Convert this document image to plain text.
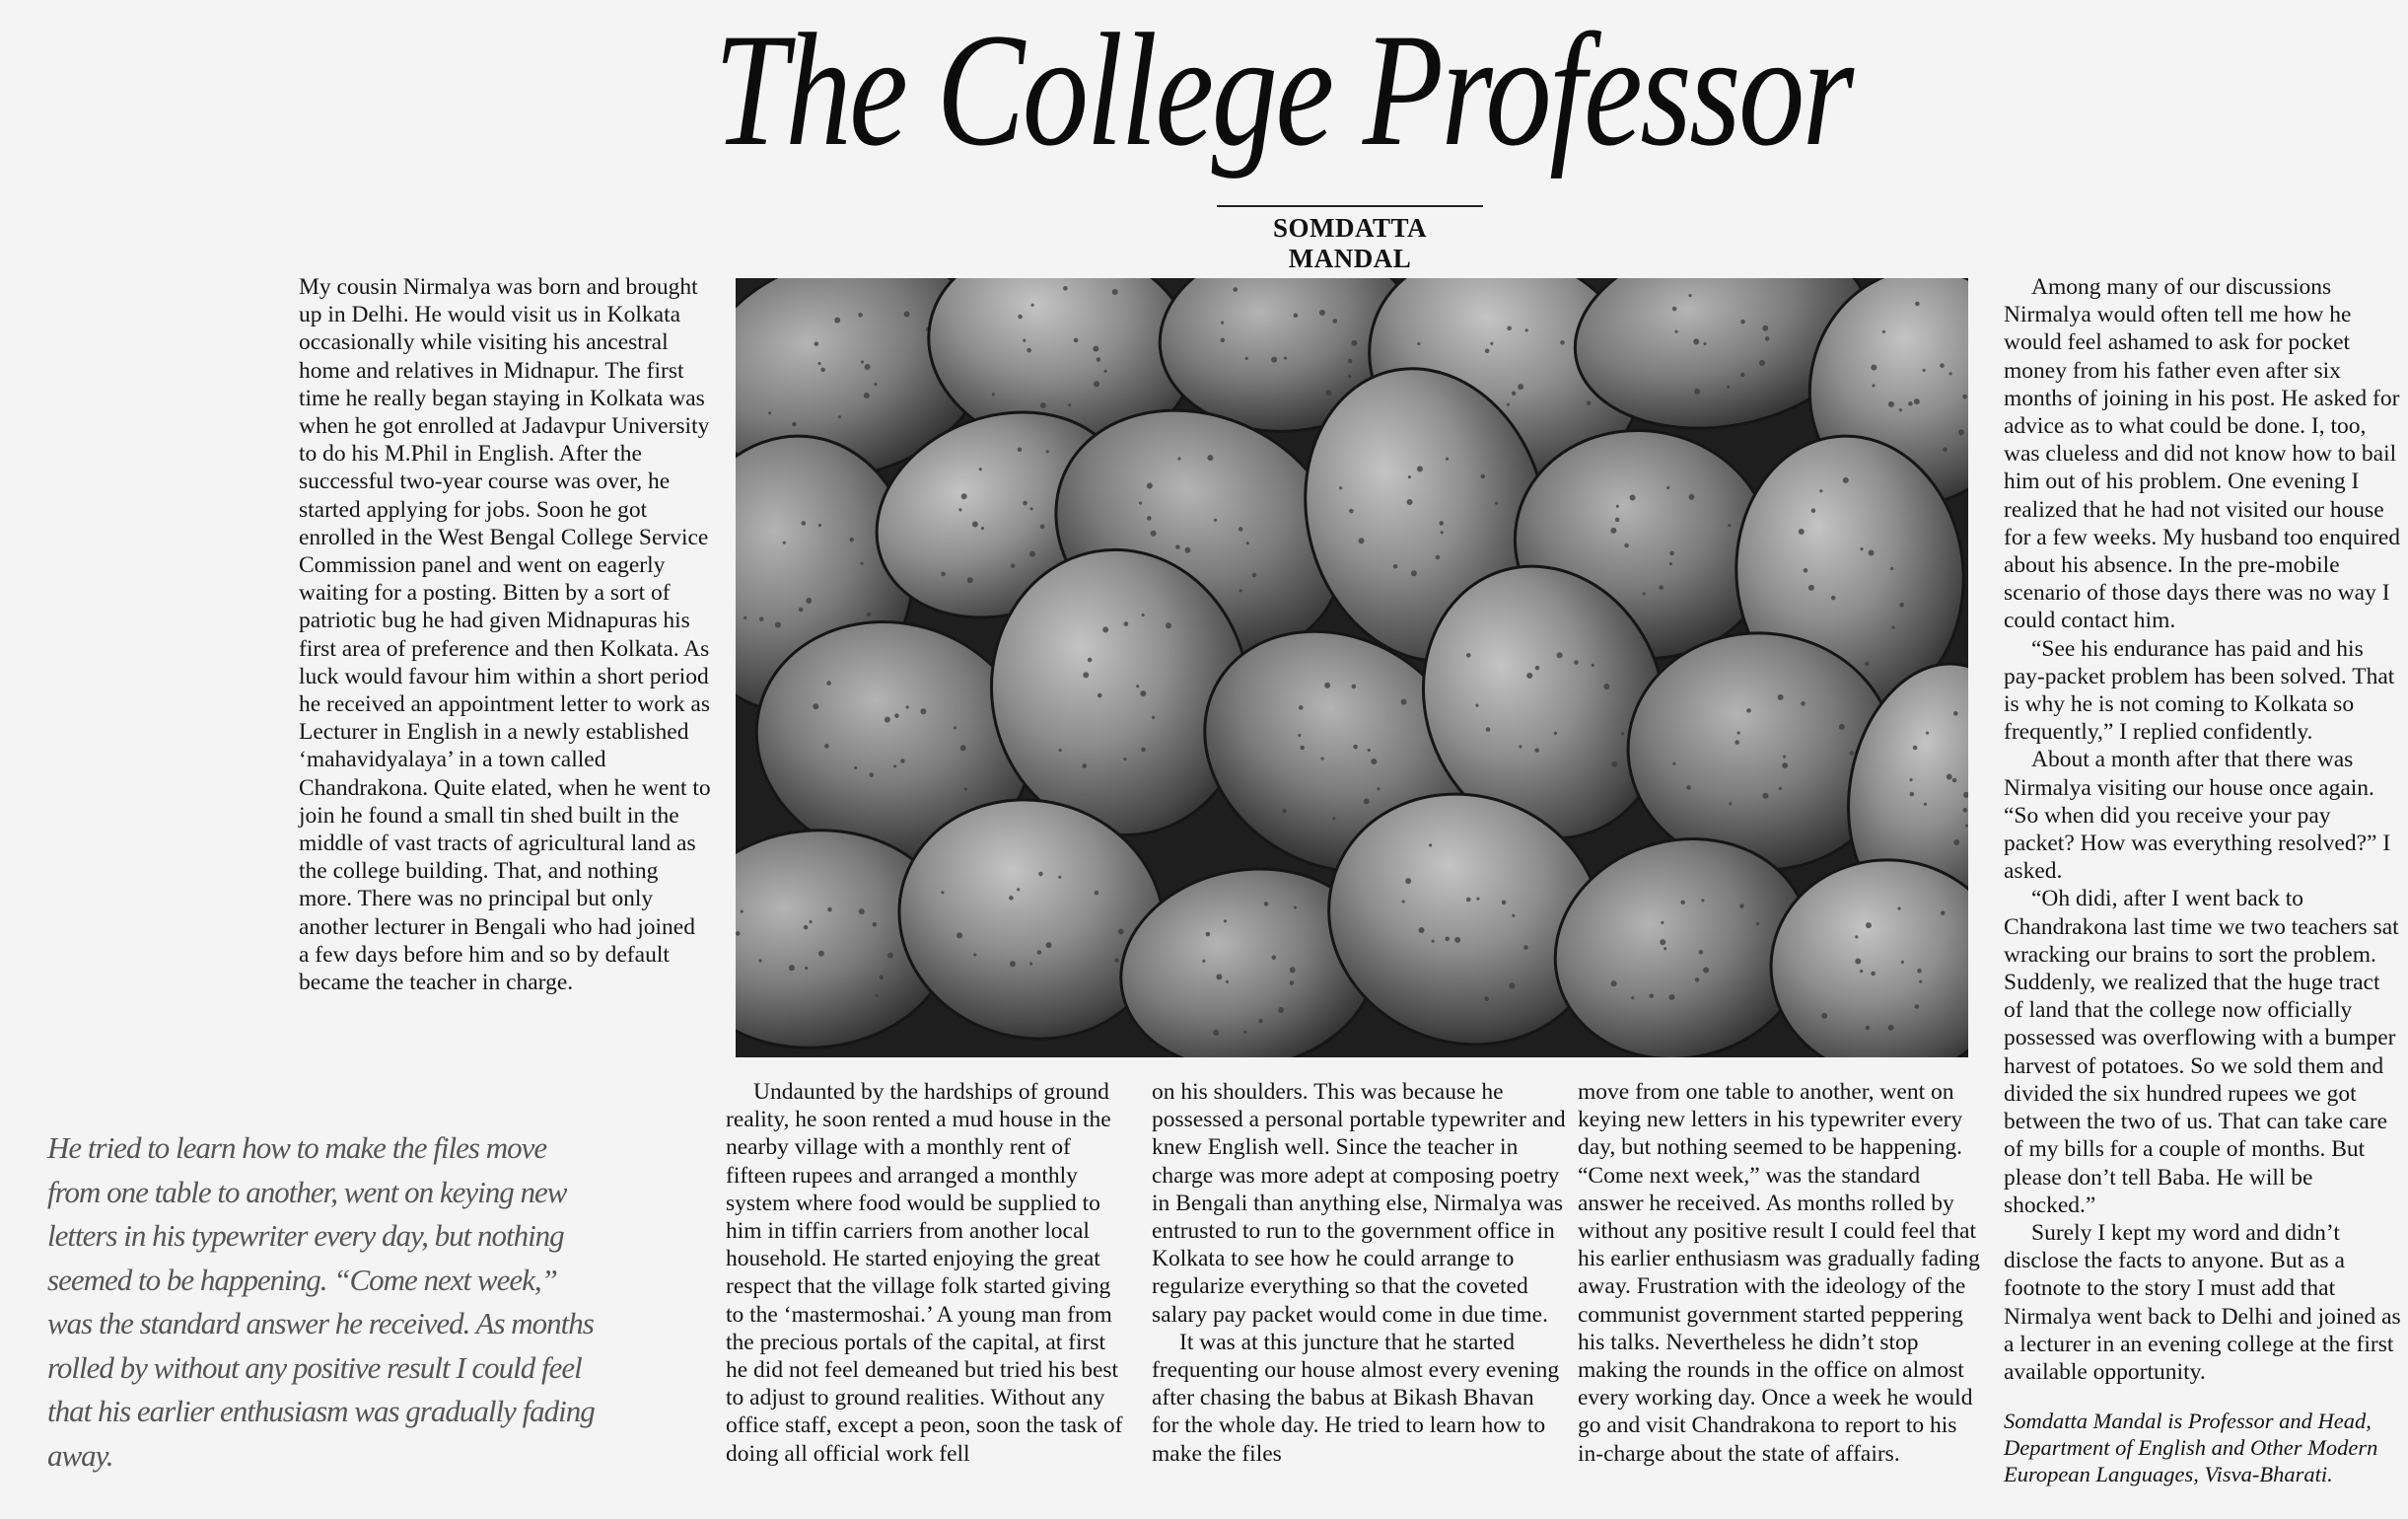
The College Professor
SOMDATTA MANDAL

My cousin Nirmalya was born and brought up in Delhi. He would visit us in Kolkata occasionally while visiting his ancestral home and relatives in Midnapur. The first time he really began staying in Kolkata was when he got enrolled at Jadavpur University to do his M.Phil in English. After the successful two-year course was over, he started applying for jobs. Soon he got enrolled in the West Bengal College Service Commission panel and went on eagerly waiting for a posting. Bitten by a sort of patriotic bug he had given Midnapuras his first area of preference and then Kolkata. As luck would favour him within a short period he received an appointment letter to work as Lecturer in English in a newly established ‘mahavidyalaya’ in a town called Chandrakona. Quite elated, when he went to join he found a small tin shed built in the middle of vast tracts of agricultural land as the college building. That, and nothing more. There was no principal but only another lecturer in Bengali who had joined a few days before him and so by default became the teacher in charge.

He tried to learn how to make the files move from one table to another, went on keying new letters in his typewriter every day, but nothing seemed to be happening. “Come next week,” was the standard answer he received. As months rolled by without any positive result I could feel that his earlier enthusiasm was gradually fading away.

Undaunted by the hardships of ground reality, he soon rented a mud house in the nearby village with a monthly rent of fifteen rupees and arranged a monthly system where food would be supplied to him in tiffin carriers from another local household. He started enjoying the great respect that the village folk started giving to the ‘mastermoshai.’ A young man from the precious portals of the capital, at first he did not feel demeaned but tried his best to adjust to ground realities. Without any office staff, except a peon, soon the task of doing all official work fell

on his shoulders. This was because he possessed a personal portable typewriter and knew English well. Since the teacher in charge was more adept at composing poetry in Bengali than anything else, Nirmalya was entrusted to run to the government office in Kolkata to see how he could arrange to regularize everything so that the coveted salary pay packet would come in due time.

It was at this juncture that he started frequenting our house almost every evening after chasing the babus at Bikash Bhavan for the whole day. He tried to learn how to make the files

move from one table to another, went on keying new letters in his typewriter every day, but nothing seemed to be happening. “Come next week,” was the standard answer he received. As months rolled by without any positive result I could feel that his earlier enthusiasm was gradually fading away. Frustration with the ideology of the communist government started peppering his talks. Nevertheless he didn’t stop making the rounds in the office on almost every working day. Once a week he would go and visit Chandrakona to report to his in-charge about the state of affairs.

Among many of our discussions Nirmalya would often tell me how he would feel ashamed to ask for pocket money from his father even after six months of joining in his post. He asked for advice as to what could be done. I, too, was clueless and did not know how to bail him out of his problem. One evening I realized that he had not visited our house for a few weeks. My husband too enquired about his absence. In the pre-mobile scenario of those days there was no way I could contact him.

“See his endurance has paid and his pay-packet problem has been solved. That is why he is not coming to Kolkata so frequently,” I replied confidently.

About a month after that there was Nirmalya visiting our house once again. “So when did you receive your pay packet? How was everything resolved?” I asked.

“Oh didi, after I went back to Chandrakona last time we two teachers sat wracking our brains to sort the problem. Suddenly, we realized that the huge tract of land that the college now officially possessed was overflowing with a bumper harvest of potatoes. So we sold them and divided the six hundred rupees we got between the two of us. That can take care of my bills for a couple of months. But please don’t tell Baba. He will be shocked.”

Surely I kept my word and didn’t disclose the facts to anyone. But as a footnote to the story I must add that Nirmalya went back to Delhi and joined as a lecturer in an evening college at the first available opportunity.

Somdatta Mandal is Professor and Head, Department of English and Other Modern European Languages, Visva-Bharati.
